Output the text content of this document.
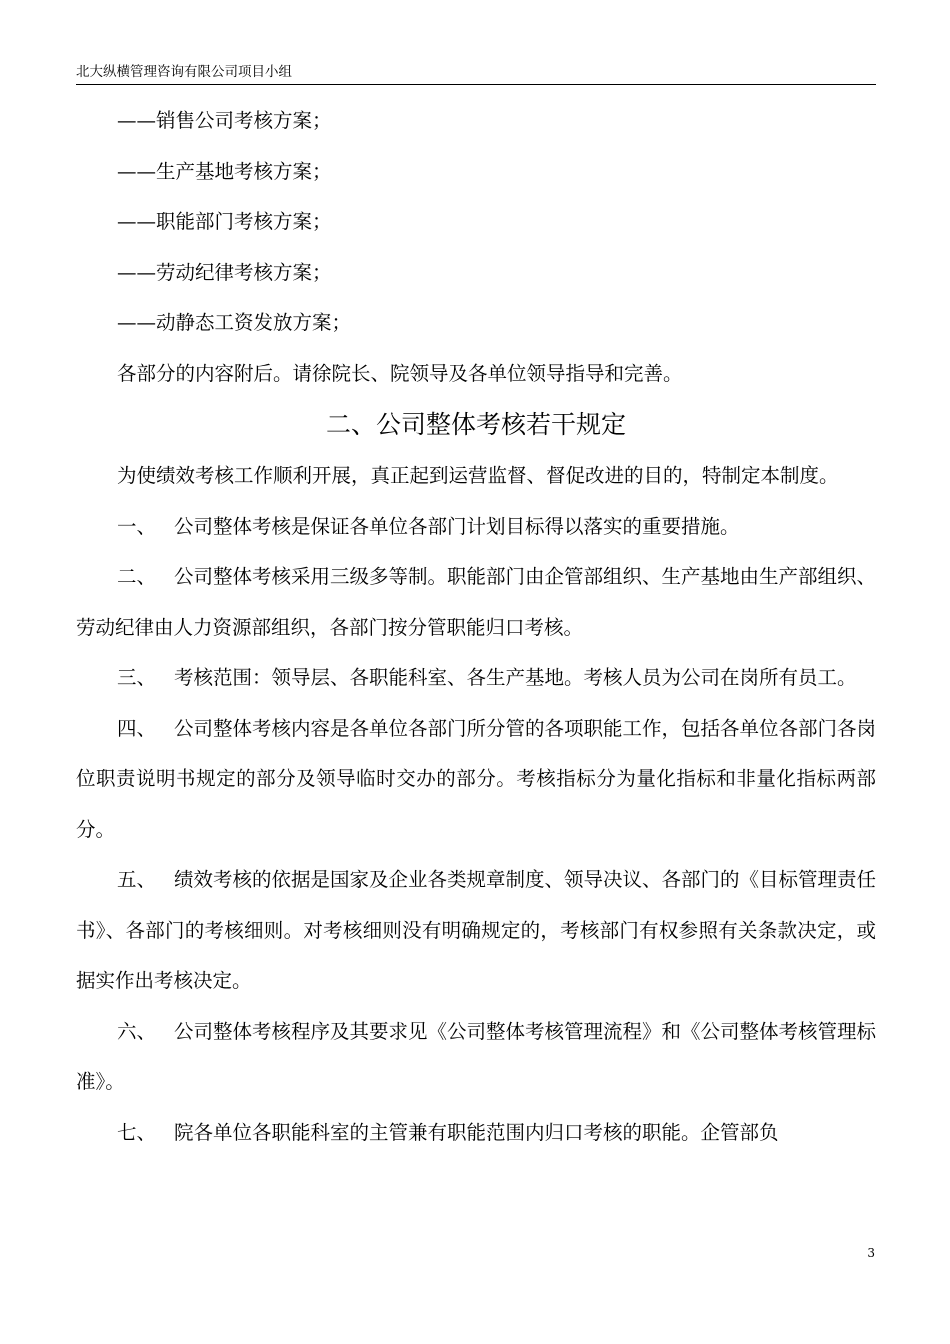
北大纵横管理咨询有限公司项目小组
——销售公司考核方案；
——生产基地考核方案；
——职能部门考核方案；
——劳动纪律考核方案；
——动静态工资发放方案；
各部分的内容附后。请徐院长、院领导及各单位领导指导和完善。
二、公司整体考核若干规定

为使绩效考核工作顺利开展，真正起到运营监督、督促改进的目的，特制定本制度。

一、 公司整体考核是保证各单位各部门计划目标得以落实的重要措施。

二、 公司整体考核采用三级多等制。职能部门由企管部组织、生产基地由生产部组织、劳动纪律由人力资源部组织，各部门按分管职能归口考核。

三、 考核范围：领导层、各职能科室、各生产基地。考核人员为公司在岗所有员工。

四、 公司整体考核内容是各单位各部门所分管的各项职能工作，包括各单位各部门各岗位职责说明书规定的部分及领导临时交办的部分。考核指标分为量化指标和非量化指标两部分。

五、 绩效考核的依据是国家及企业各类规章制度、领导决议、各部门的《目标管理责任书》、各部门的考核细则。对考核细则没有明确规定的，考核部门有权参照有关条款决定，或据实作出考核决定。

六、 公司整体考核程序及其要求见《公司整体考核管理流程》和《公司整体考核管理标准》。

七、 院各单位各职能科室的主管兼有职能范围内归口考核的职能。企管部负

3
